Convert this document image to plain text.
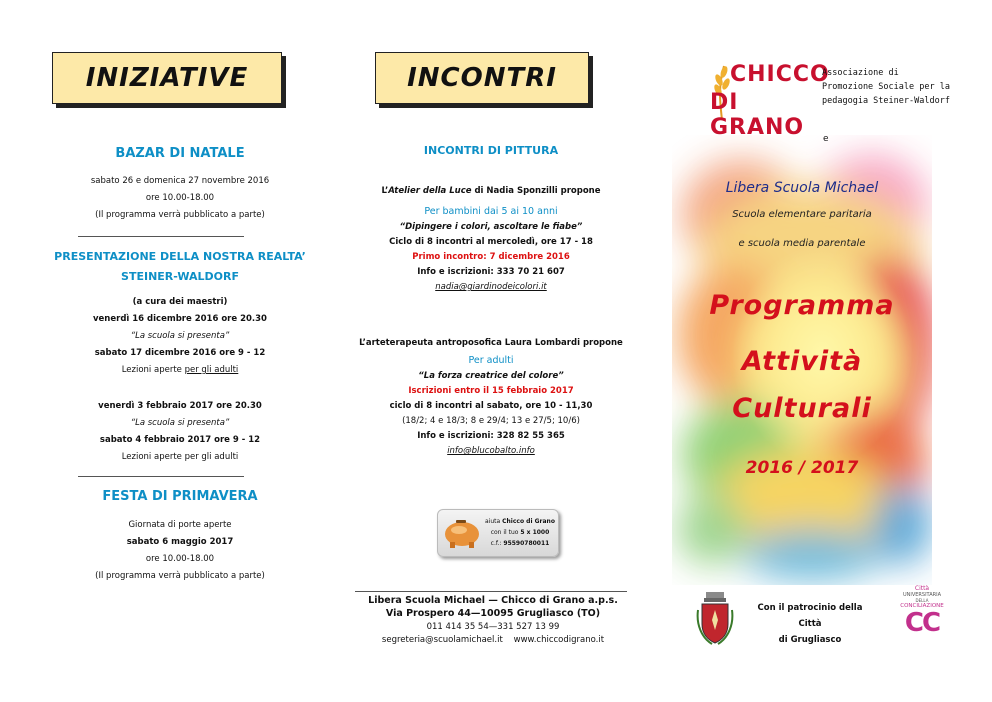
INIZIATIVE
BAZAR DI NATALE
sabato 26 e domenica 27 novembre 2016
ore 10.00-18.00
(Il programma verrà pubblicato a parte)
PRESENTAZIONE DELLA NOSTRA REALTA’
STEINER-WALDORF
(a cura dei maestri)
venerdì 16 dicembre 2016 ore 20.30
“La scuola si presenta”
sabato 17 dicembre 2016 ore 9 - 12
Lezioni aperte per gli adulti
venerdì 3 febbraio 2017 ore 20.30
“La scuola si presenta”
sabato 4 febbraio 2017 ore 9 - 12
Lezioni aperte per gli adulti
FESTA DI PRIMAVERA
Giornata di porte aperte
sabato 6 maggio 2017
ore 10.00-18.00
(Il programma verrà pubblicato a parte)
INCONTRI
INCONTRI DI PITTURA
L’Atelier della Luce di Nadia Sponzilli propone
Per bambini dai 5 ai 10 anni
“Dipingere i colori, ascoltare le fiabe”
Ciclo di 8 incontri al mercoledì, ore 17 - 18
Primo incontro: 7 dicembre 2016
Info e iscrizioni: 333 70 21 607
nadia@giardinodeicolori.it
L’arteterapeuta antroposofica Laura Lombardi propone
Per adulti
“La forza creatrice del colore”
Iscrizioni entro il 15 febbraio 2017
ciclo di 8 incontri al sabato, ore 10 - 11,30
(18/2; 4 e 18/3; 8 e 29/4; 13 e 27/5; 10/6)
Info e iscrizioni: 328 82 55 365
info@blucobalto.info
aiuta Chicco di Grano
con il tuo 5 x 1000
c.f.: 95590780011
Libera Scuola Michael — Chicco di Grano a.p.s.
Via Prospero 44—10095 Grugliasco (TO)
011 414 35 54—331 527 13 99
segreteria@scuolamichael.it www.chiccodigrano.it
CHICCO
DI GRANO
Associazione di
Promozione Sociale per la
pedagogia Steiner-Waldorf
e
Libera Scuola Michael
Scuola elementare paritaria
e scuola media parentale
Programma
Attività
Culturali
2016 / 2017
Con il patrocinio della Città
di Grugliasco
Città
UNIVERSITARIA
DELLA
CONCILIAZIONE
CC
